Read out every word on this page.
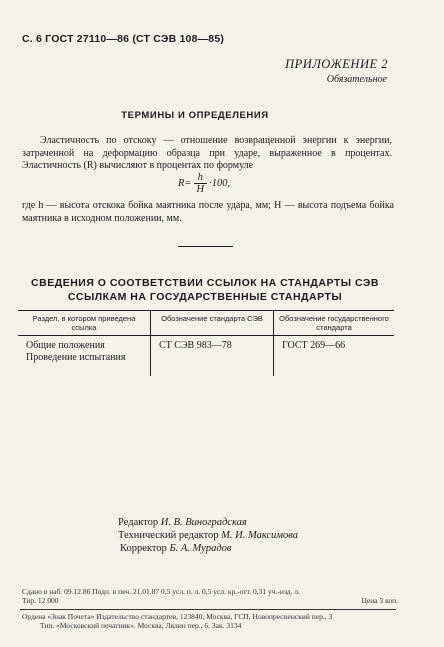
С. 6 ГОСТ 27110—86 (СТ СЭВ 108—85)
ПРИЛОЖЕНИЕ 2
Обязательное
ТЕРМИНЫ И ОПРЕДЕЛЕНИЯ
Эластичность по отскоку — отношение возвращенной энергии к энергии, затраченной на деформацию образца при ударе, выраженное в процентах. Эластичность (R) вычисляют в процентах по формуле
$R= \frac{h}{H} \cdot 100$,
где h — высота отскока бойка маятника после удара, мм; H — высота подъема бойка маятника в исходном положении, мм.
СВЕДЕНИЯ О СООТВЕТСТВИИ ССЫЛОК НА СТАНДАРТЫ СЭВ
ССЫЛКАМ НА ГОСУДАРСТВЕННЫЕ СТАНДАРТЫ
Раздел, в котором приведена ссылка	Обозначение стандарта СЭВ	Обозначение государственного стандарта

Общие положения
Проведение испытания	СТ СЭВ 983—78	ГОСТ 269—66
Редактор И. В. Виноградская
Технический редактор М. И. Максимова
Корректор Б. А. Мурадов
Сдано в наб. 09.12.86 Подп. в печ. 21.01.87 0,5 усл. п. л. 0,5 усл. кр.-отт. 0,31 уч.-изд. л.
Тир. 12 000	Цена 3 коп.
Ордена «Знак Почета» Издательство стандартов, 123840, Москва, ГСП, Новопресненский пер., 3
Тип. «Московский печатник». Москва, Лялин пер., 6. Зак. 3134
